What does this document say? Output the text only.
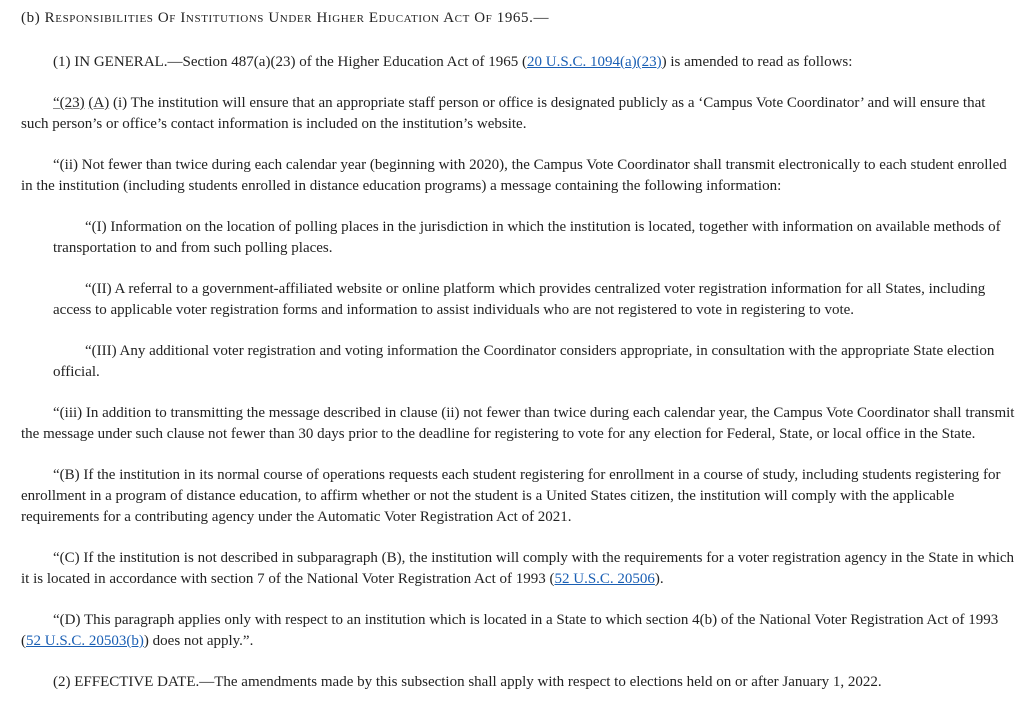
(b) Responsibilities Of Institutions Under Higher Education Act Of 1965.—

(1) IN GENERAL.—Section 487(a)(23) of the Higher Education Act of 1965 (20 U.S.C. 1094(a)(23)) is amended to read as follows:

“(23) (A) (i) The institution will ensure that an appropriate staff person or office is designated publicly as a ‘Campus Vote Coordinator’ and will ensure that such person’s or office’s contact information is included on the institution’s website.

“(ii) Not fewer than twice during each calendar year (beginning with 2020), the Campus Vote Coordinator shall transmit electronically to each student enrolled in the institution (including students enrolled in distance education programs) a message containing the following information:

“(I) Information on the location of polling places in the jurisdiction in which the institution is located, together with information on available methods of transportation to and from such polling places.

“(II) A referral to a government-affiliated website or online platform which provides centralized voter registration information for all States, including access to applicable voter registration forms and information to assist individuals who are not registered to vote in registering to vote.

“(III) Any additional voter registration and voting information the Coordinator considers appropriate, in consultation with the appropriate State election official.

“(iii) In addition to transmitting the message described in clause (ii) not fewer than twice during each calendar year, the Campus Vote Coordinator shall transmit the message under such clause not fewer than 30 days prior to the deadline for registering to vote for any election for Federal, State, or local office in the State.

“(B) If the institution in its normal course of operations requests each student registering for enrollment in a course of study, including students registering for enrollment in a program of distance education, to affirm whether or not the student is a United States citizen, the institution will comply with the applicable requirements for a contributing agency under the Automatic Voter Registration Act of 2021.

“(C) If the institution is not described in subparagraph (B), the institution will comply with the requirements for a voter registration agency in the State in which it is located in accordance with section 7 of the National Voter Registration Act of 1993 (52 U.S.C. 20506).

“(D) This paragraph applies only with respect to an institution which is located in a State to which section 4(b) of the National Voter Registration Act of 1993 (52 U.S.C. 20503(b)) does not apply.”.

(2) EFFECTIVE DATE.—The amendments made by this subsection shall apply with respect to elections held on or after January 1, 2022.
